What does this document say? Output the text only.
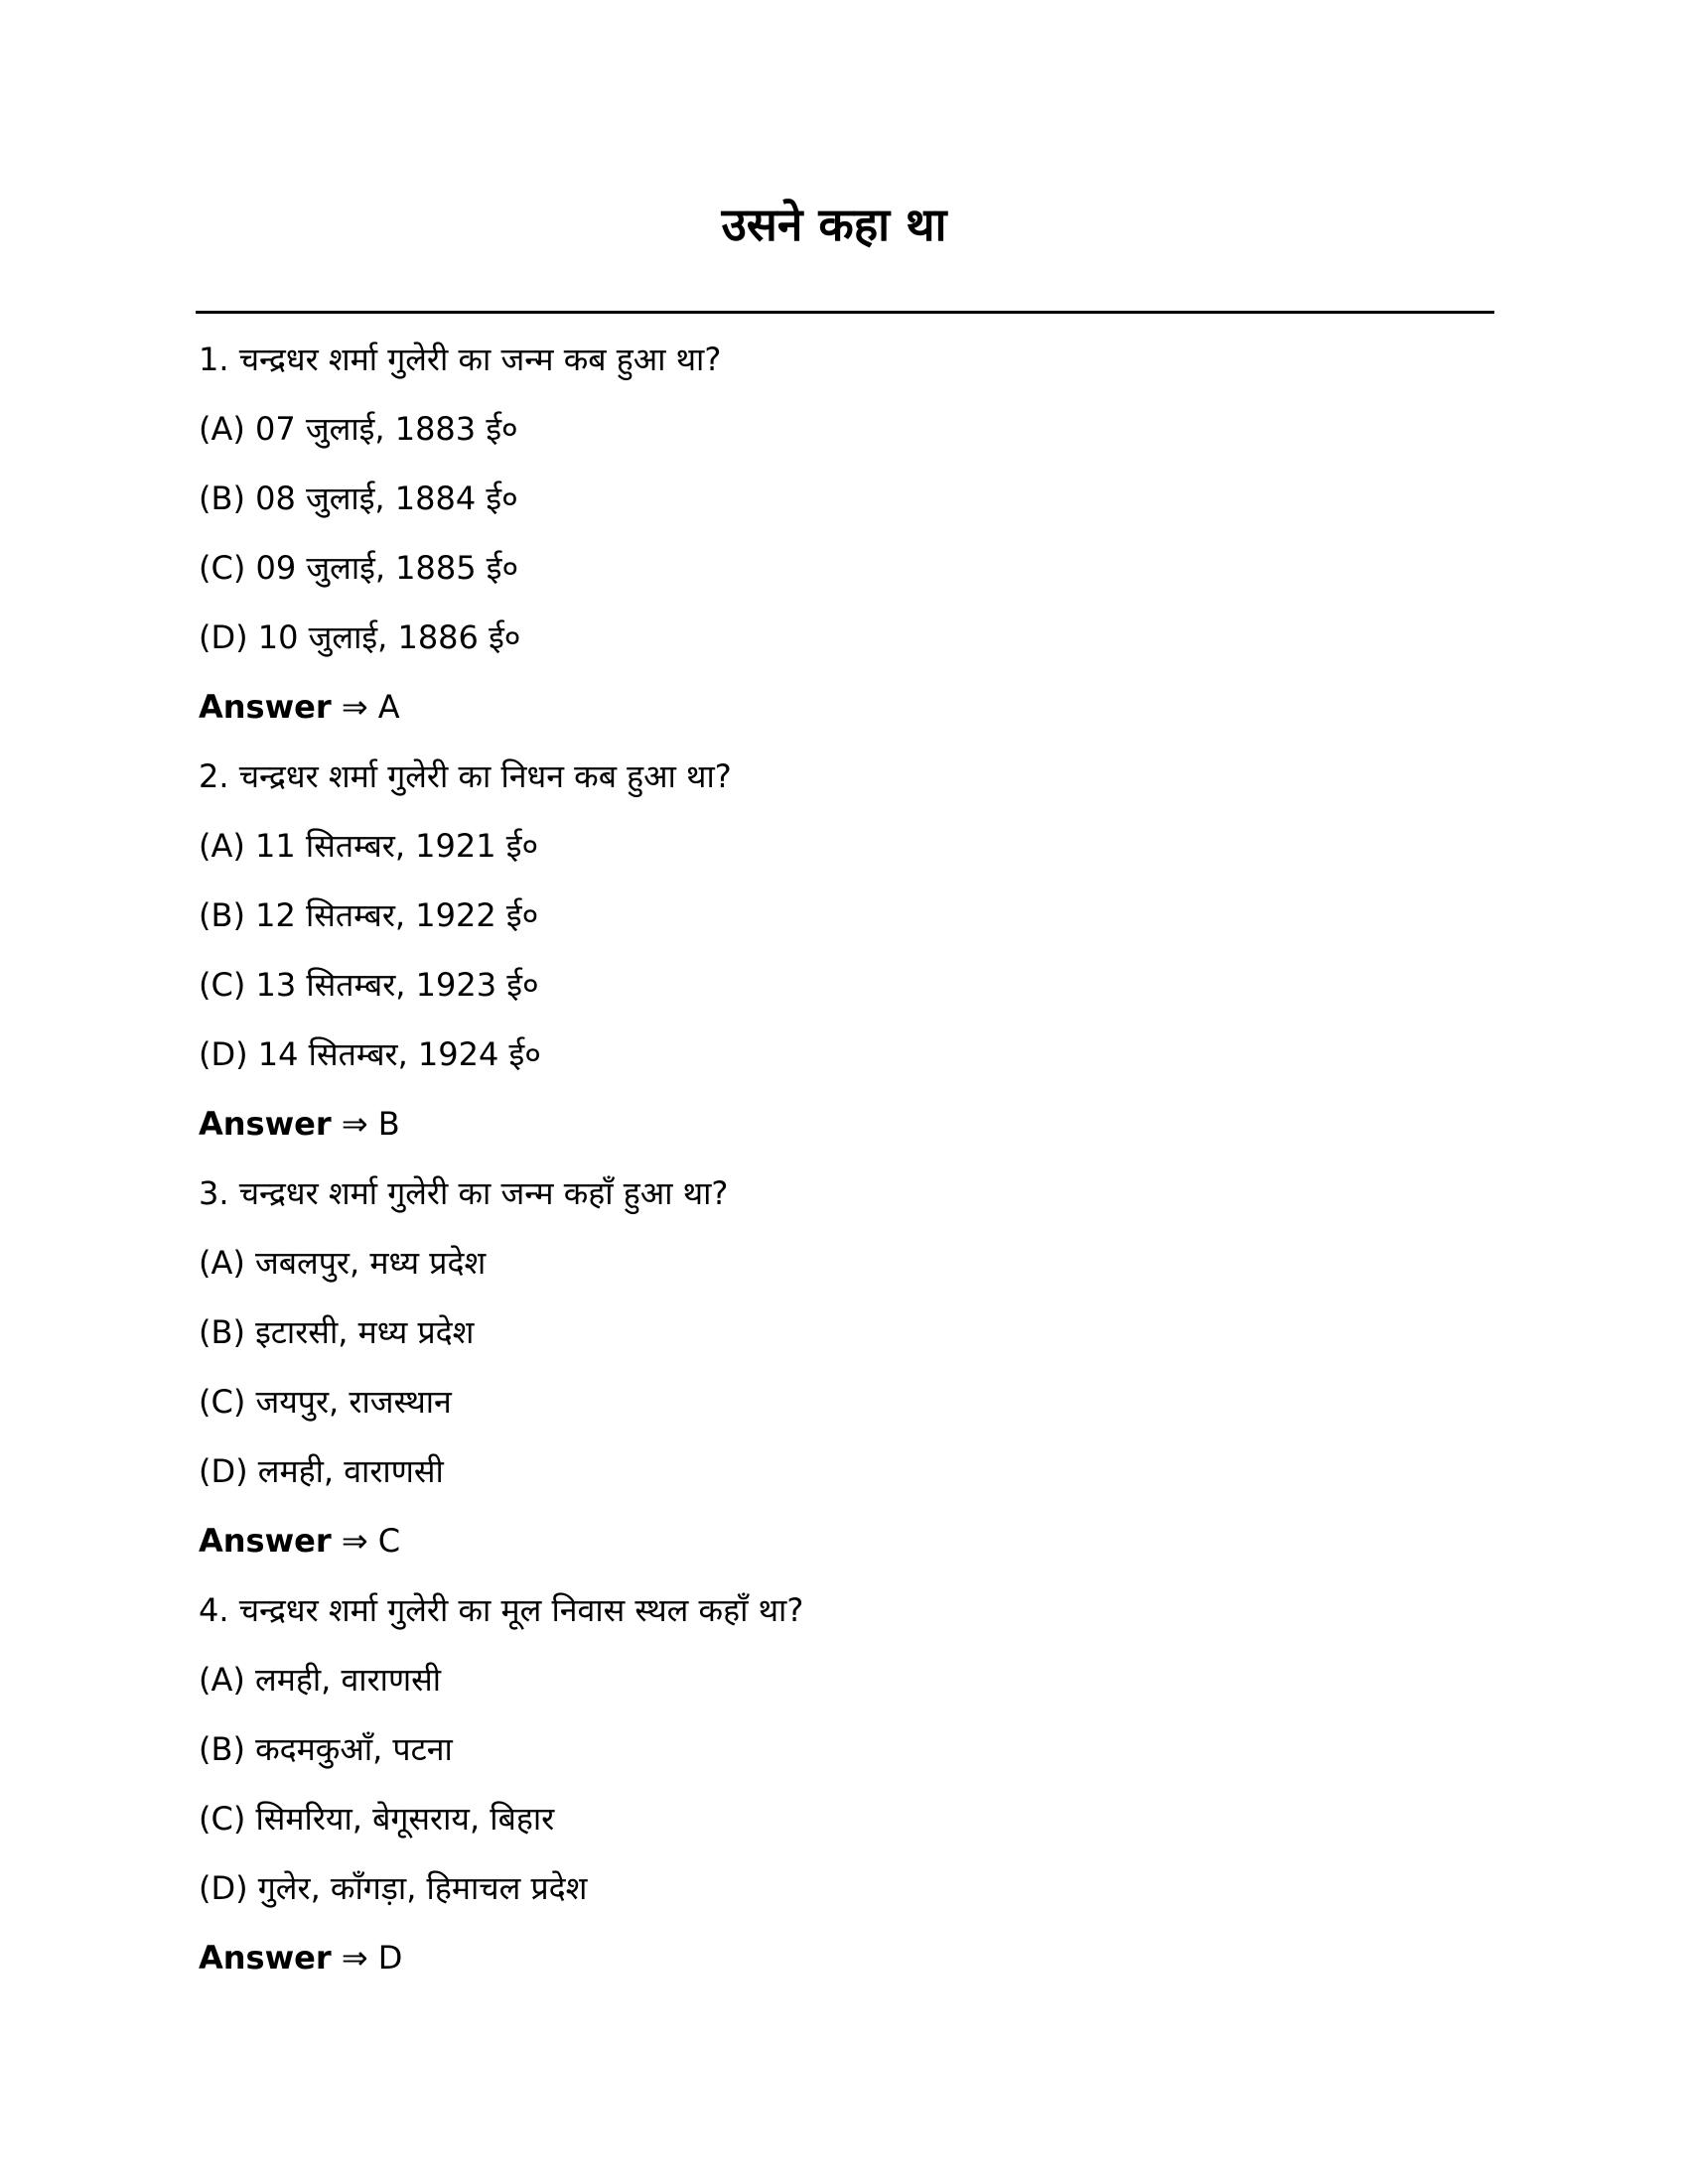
उसने कहा था
1. चन्द्रधर शर्मा गुलेरी का जन्म कब हुआ था?
(A) 07 जुलाई, 1883 ई०
(B) 08 जुलाई, 1884 ई०
(C) 09 जुलाई, 1885 ई०
(D) 10 जुलाई, 1886 ई०
Answer ⇒ A
2. चन्द्रधर शर्मा गुलेरी का निधन कब हुआ था?
(A) 11 सितम्बर, 1921 ई०
(B) 12 सितम्बर, 1922 ई०
(C) 13 सितम्बर, 1923 ई०
(D) 14 सितम्बर, 1924 ई०
Answer ⇒ B
3. चन्द्रधर शर्मा गुलेरी का जन्म कहाँ हुआ था?
(A) जबलपुर, मध्य प्रदेश
(B) इटारसी, मध्य प्रदेश
(C) जयपुर, राजस्थान
(D) लमही, वाराणसी
Answer ⇒ C
4. चन्द्रधर शर्मा गुलेरी का मूल निवास स्थल कहाँ था?
(A) लमही, वाराणसी
(B) कदमकुआँ, पटना
(C) सिमरिया, बेगूसराय, बिहार
(D) गुलेर, काँगड़ा, हिमाचल प्रदेश
Answer ⇒ D
